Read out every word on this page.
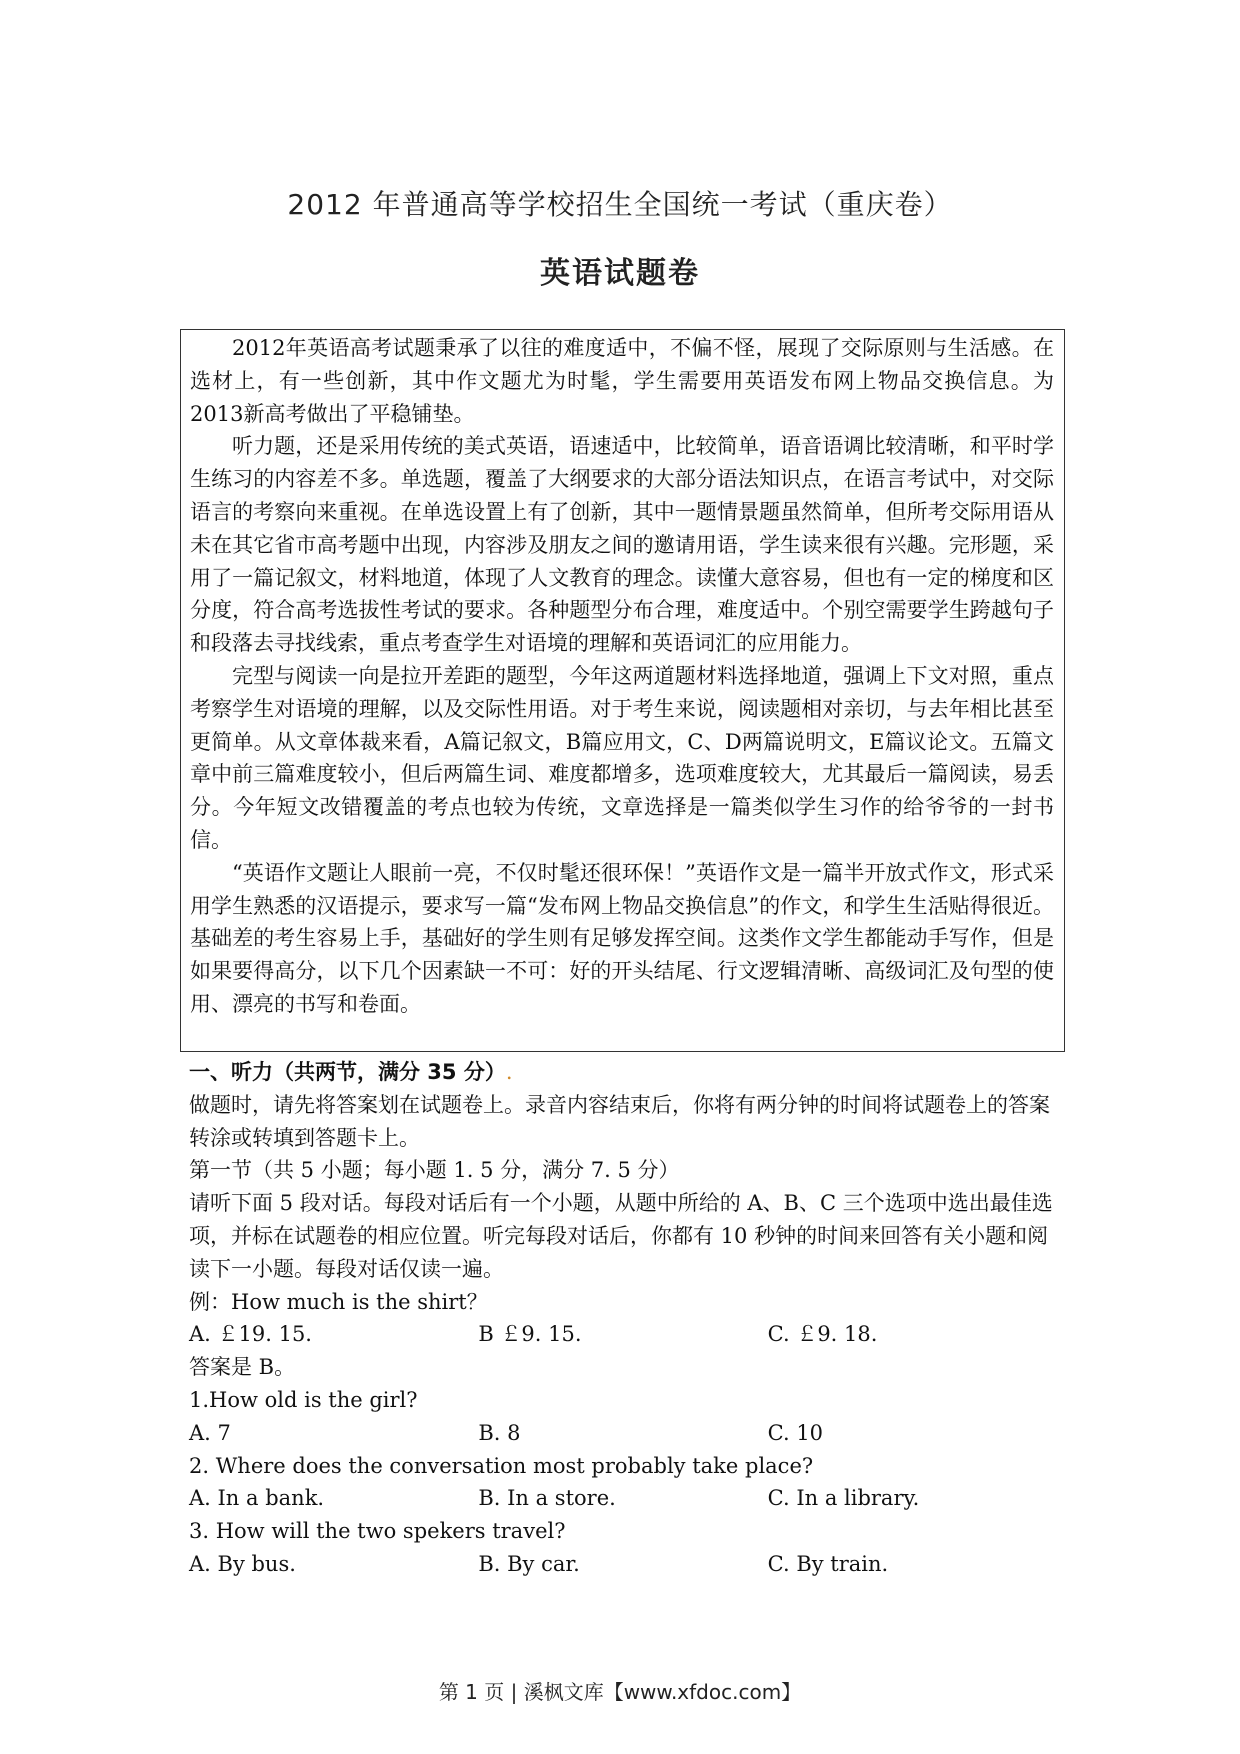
2012 年普通高等学校招生全国统一考试（重庆卷）
英语试题卷

2012年英语高考试题秉承了以往的难度适中，不偏不怪，展现了交际原则与生活感。在选材上，有一些创新，其中作文题尤为时髦，学生需要用英语发布网上物品交换信息。为2013新高考做出了平稳铺垫。

听力题，还是采用传统的美式英语，语速适中，比较简单，语音语调比较清晰，和平时学生练习的内容差不多。单选题，覆盖了大纲要求的大部分语法知识点，在语言考试中，对交际语言的考察向来重视。在单选设置上有了创新，其中一题情景题虽然简单，但所考交际用语从未在其它省市高考题中出现，内容涉及朋友之间的邀请用语，学生读来很有兴趣。完形题，采用了一篇记叙文，材料地道，体现了人文教育的理念。读懂大意容易，但也有一定的梯度和区分度，符合高考选拔性考试的要求。各种题型分布合理，难度适中。个别空需要学生跨越句子和段落去寻找线索，重点考查学生对语境的理解和英语词汇的应用能力。

完型与阅读一向是拉开差距的题型，今年这两道题材料选择地道，强调上下文对照，重点考察学生对语境的理解，以及交际性用语。对于考生来说，阅读题相对亲切，与去年相比甚至更简单。从文章体裁来看，A篇记叙文，B篇应用文，C、D两篇说明文，E篇议论文。五篇文章中前三篇难度较小，但后两篇生词、难度都增多，选项难度较大，尤其最后一篇阅读，易丢分。今年短文改错覆盖的考点也较为传统，文章选择是一篇类似学生习作的给爷爷的一封书信。

“英语作文题让人眼前一亮，不仅时髦还很环保！”英语作文是一篇半开放式作文，形式采用学生熟悉的汉语提示，要求写一篇“发布网上物品交换信息”的作文，和学生生活贴得很近。基础差的考生容易上手，基础好的学生则有足够发挥空间。这类作文学生都能动手写作，但是如果要得高分，以下几个因素缺一不可：好的开头结尾、行文逻辑清晰、高级词汇及句型的使用、漂亮的书写和卷面。

一、听力（共两节，满分 35 分）.

做题时，请先将答案划在试题卷上。录音内容结束后，你将有两分钟的时间将试题卷上的答案转涂或转填到答题卡上。

第一节（共 5 小题；每小题 1. 5 分，满分 7. 5 分）

请听下面 5 段对话。每段对话后有一个小题，从题中所给的 A、B、C 三个选项中选出最佳选项，并标在试题卷的相应位置。听完每段对话后，你都有 10 秒钟的时间来回答有关小题和阅读下一小题。每段对话仅读一遍。

例：How much is the shirt？

A. ￡19. 15.	B ￡9. 15.	C. ￡9. 18.

答案是 B。

1.How old is the girl?

A. 7	B. 8	C. 10

2. Where does the conversation most probably take place?

A. In a bank.	B. In a store.	C. In a library.

3. How will the two spekers travel?

A. By bus.	B. By car.	C. By train.
第 1 页 | 溪枫文库【www.xfdoc.com】
